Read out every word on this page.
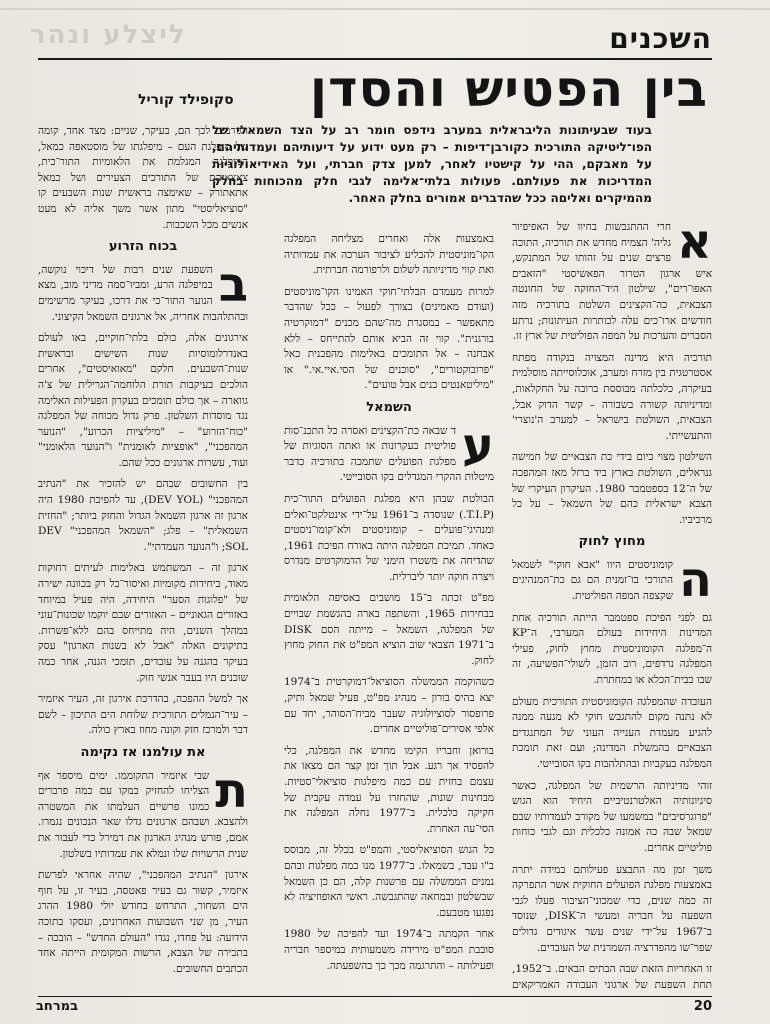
ליצלע ונהר	השכנים
בין הפטיש והסדן
סקופילד קוריל
בעוד שבעיתונות הליבראלית במערב נידפס חומר רב על הצד השמאלי של הפו־ליטיקה התורכית כקורבן־דיפות – רק מעט ידוע על דיעותיהם ועמדותיהם, על מאבקם, ההי על קישטיו לאחר, למען צדק חברתי, ועל האידיאולוגיות המדריכות את פעולתם. פעולות בלתי־אלימה לגבי חלק מהכוחות בחלק מהמיקרים ואליםה ככל שהדברים אמורים בחלק האחר.
א

חרי ההתגבשות בחיוו של האפיפיור גליה' הצמיח מחדש את תורכיה, התוכה פרצים שנים על זהותו של המתנקש, איש ארגון הטרור הפאשיסטי "הזאבים האפו־רים", שילטון היד־החזקה של החונטה הצבאית, כה־הקצינים השלטת בתורכיה מזה חודשים ארו־כים עלה לכותרות העיתונות; נרתע הסברים והערכות על המפה הפוליטית של ארץ זו.

תורכיה היא מדינה המצויה בנקודה מפתח אסטרטגית בין מזרח ומערב, אוכלוסייתה מוסלמית בעיקרה, כלכלתה מבוססת ברובה על החקלאות, ומדיניותה קשורה בשבורה – קשר הדוק אבל, הצבאית, השולטת בישראל – למערב ה'נוצרי' והתעשייתי.

השילטון מצוי כיום בידי כת הצבאיים של חמישה גנראלים, השולטת בארץ ביד ברזל מאז המהפכה של ה־12 בספטמבר 1980. העיקרון העיקרי של הצבא ישראלית כהם של השמאל – על כל מרכיביו.

מחוץ לחוק
ה

קומוניסטים היוו "אבא חוקי" לשמאל התורכי בו־זמנית הם גם כת־המנהיגים שקצפה המפה הפוליטית.

גם לפני הפיכת ספטמבר הייתה תורכיה אחת המדינות היחידות בעולם המערבי, ה־KP ה־מפלגה הקומוניסטית מחוץ לחוק, פעילי המפלגה נרדפים, רוב הזמן, לשולי־הפשיעה, זה שבו בבית־הכלא או במחתרת.

העובדה שהמפלגה הקומוניסטית התורכית מעולם לא נתנה מקום להתגבש חוקי לא מנעה ממנה להגיע מעמדת הענייה העוני של המתנגדים הצבאיים בהמשלת המדינה; ועם זאת תומכת המפלגה בעקביות ובהתלהבות בקו הסובייטי.

זוהי מדיניותה הרשמית של המפלגה, כאשר סיגיונותיה האלטרנטיביים היחיד הוא הגוש "פרוגרסיבים" במשמעו של מקורב לעמדותיו שבם שמאל שבה כה אמונה כלכלית וגם לגבי כוחות פוליטיים אחרים.

משך זמן מה התבצע פעילותם במידה יתרה באמצעות מפלגת הפועלים החוקית אשר התפרקה זה כמה שנים, כדי שמכוני־הציבור פעלו לגבי השפעה על חבריה ומעשי ה־DISK, שנוסד ב־1967 על־ידי שנים עשר איגודים גדולים שפר־שו מהפדרציה השמרנית של העובדים.

זו האחריות הזאת שבה הבתים הבאים. ב־1952, תחת השפעת של ארגוני העבודה האמריקאים

באמצעות אלה ואחרים מצליחה המפלגה הקו־מוניסטית להבליע לציבור הערכה את עמדותיה ואת קווי מדיניותה לשלום ולרפורמה חברתית.

למרות מעמדם הבלתי־חוקי האמינו הקו־מוניסטים (ועודם מאמינים) בצורך לפעול – ככל שהדבר מתאפשר – במסגרת מה־שהם מכנים "דמוקרטיה בורגנית". קווי זה הביא אותם להתייחס – ללא אבחנה – אל התומכים באלימות מהפכנית כאל "פרובוקטורים", "סוכנים של הסי.איי.אי." או "מיליטאנטים כנים אבל טועים".

השמאל
ע

ד שבאה כת־הקצינים ואסרה כל התכנ־סות פוליטית בעקרונות או ואתה הסוגיות של מפלגת הפועלים שתמכה בתורכיה כדבר מיטלות ההקרי המגדלים בקו הסובייטי.

הבולטת שבהן היא מפלגת הפועלים התור־כית (T.I.P.) שנוסדה ב־1961 על־ידי אינטלקט־ואלים ומנהיגי־פועלים – קומוניסטים ולא־קומו־ניסטים כאחד. תמיכת המפלגה היתה באורח הפיכת 1961, שהדיחה את משטרו הימני של הדמוקרטים מנדרס ויצרה חוקה יותר ליברלית.

מפ"ט זכתה ב־15 מושבים באסיפה הלאומית בבחירות 1965, והשתפה בארה בהגשמת שבויים של המפלגה, השמאל – מייתה הסם DISK ב־1971 הצבאי שוב הוציא המפ"ט את החוק מחוץ לחוק.

כשהוקמה הממשלה הסוציאל־דמוקרטית ב־1974 יצא בהיס בורון – מנהיג מפ"ט, פעיל שמאל ותיק, פרופסור לסוציולוגיה שעבר מביח־הסוהר, יחד עם אלפי אסירים־פוליטיים אחרים.

בורואן וחבריו הקימו מחדש את המפלגה, כלי להפסיד אך רגע. אבל תוך זמן קצר הם מצאו את עצמם בחזית עם כמה מיפלגות סוציאלי־סטיות. מבחינות שונות, שהחזרו על עמדה עקבית של חקיקה כלכלית. ב־1977 נחלה המפלגה את הסי־עה האחרת.

כל הגוש הסוציאליסטי, והמפ"ט בכלל זה, מבוסס ב"ו עבד, בשמאלו. ב־1977 מנו כמה מפלגות ובהם נמנים הממשלה עם פרשנות קלה, הם כן השמאל שבשלטון ובמחאה שהתגבשה. ראשי האופוזיציה לא נפגעו מטבעם.

אחר הקמתה ב־1974 ועד להפיכה של 1980 סובבת המפ"ט מירידה משמעותית במיספר חבריה ופעילותה – והתרגמה מכך כך בהשפעתה.

הגורמים לכך הם, בעיקר, שניים: מצד אחד, קומה של מיפלגת העם – מיפלגתו של מוסטאפה כמאל, המיפלגה המגלמת את הלאומיות התור־כית, צאצאיהם של התורכים הצעירים ושל כמאל אתאתורק – שאימצה בראשית שנות השבעים קו "סוציאליסטי" מתון אשר משך אליה לא מעט אנשים מכל השכבות.

בכוח הזרוע
ב

השפעת שנים רבות של דיכוי נוקשה, במיפלגה הרע, ומביו־סמה מדיני מוב, מצא הנוער התור־כי את דרכו, בעיקר מרשימים ובהתלהבות אחריה, אל ארגונים השמאל הקיצוני.

אירגונים אלה, כולם בלתי־חוקיים, באו לעולם באנדרלומוסיות שנות השישים ובראשית שנות־השבעים. חלקם "מאואיסטים", אחרים הולכים בעיקבות תורת הלוחמה־הגרילית של צ'ה גווארה – אך כולם תומכים בעקרון הפעילות האלימה נגד מוסדות השלטון. פרק גדול מכוחה של המפלגה "כוח־הזרוע" – "מיליציות הכרוע", "הנוער המהפכני", "אופציות לאומנית" ו"הנוער הלאומני" ועוד, עשרות ארגונים ככל שהם.

בין החשובים שבהם יש להזכיר את "הנתיב המהפכני" (DEV YOL), עד להפיכת 1980 היה ארגון זה ארגון השמאל הגדול והחזק ביותר; "החזית השמאלית" – פלג; "השמאל המהפכני" DEV SOL; ו"הנוער העמדתי".

ארגון זה – המשתמש באלימות לעיתים רחוקות מאוד, ביחידות מקומיות ואיסור־כל רק בכוונה ישירה של "פלוגות הסער" היחידה, היה פעיל במיוחד באזורים הגאוניים – האזורים שבם יוקמו שכונות־עוני במהלך השנים, היה מתייחס בהם ללא־פשרות. בתיקונים האלה "אבל לא בשנות הארגון" עסק בעיקר בהגנה על עובדים, תומכי הגנה, אחר כמה שוכנים היו בעבר אנשי חוק.

אך למשל ההפכה, בהדרכת אירגון זה, העיר איזמיר – עיר־הנמלים התורכית שלוחת הים התיכון – לשם דבר ולמרכז חזק וקונה מחוז בארץ כולה.

את עולמנו אז נקימה
ת

שבי איזמיר התקוממו. ימים מיספר אף הצליחו להחזיק במקו עם כמה פרברים כמונו פרשיים העלמתו את המשטרה ולהצבא. ושבהם ארגונים גדלו שאר הנכונים נגמרו. אמם, פורש מנהיג הארגון את דמירל כדי לעבור את שנית הרשויות שלו ונמלא את עמדותיו בשלטון.

אירגון "הנתיב המהפכני", שהיה אחראי לפרשת איזמיר, קשור גם בעיר פאטסה, בעיר זו, על חוף הים השחור, התרחש בחודש יולי 1980 ההרג העיר, מן שני השבועות האחרונים, ועסקו בתוכה הידועה: על פחדו, נגדו "העולם החדש" – הובכה – בתכירה של הצבא, הרשות המקומית הייתה אחד הכתבים החשובים.

במרחב	20
